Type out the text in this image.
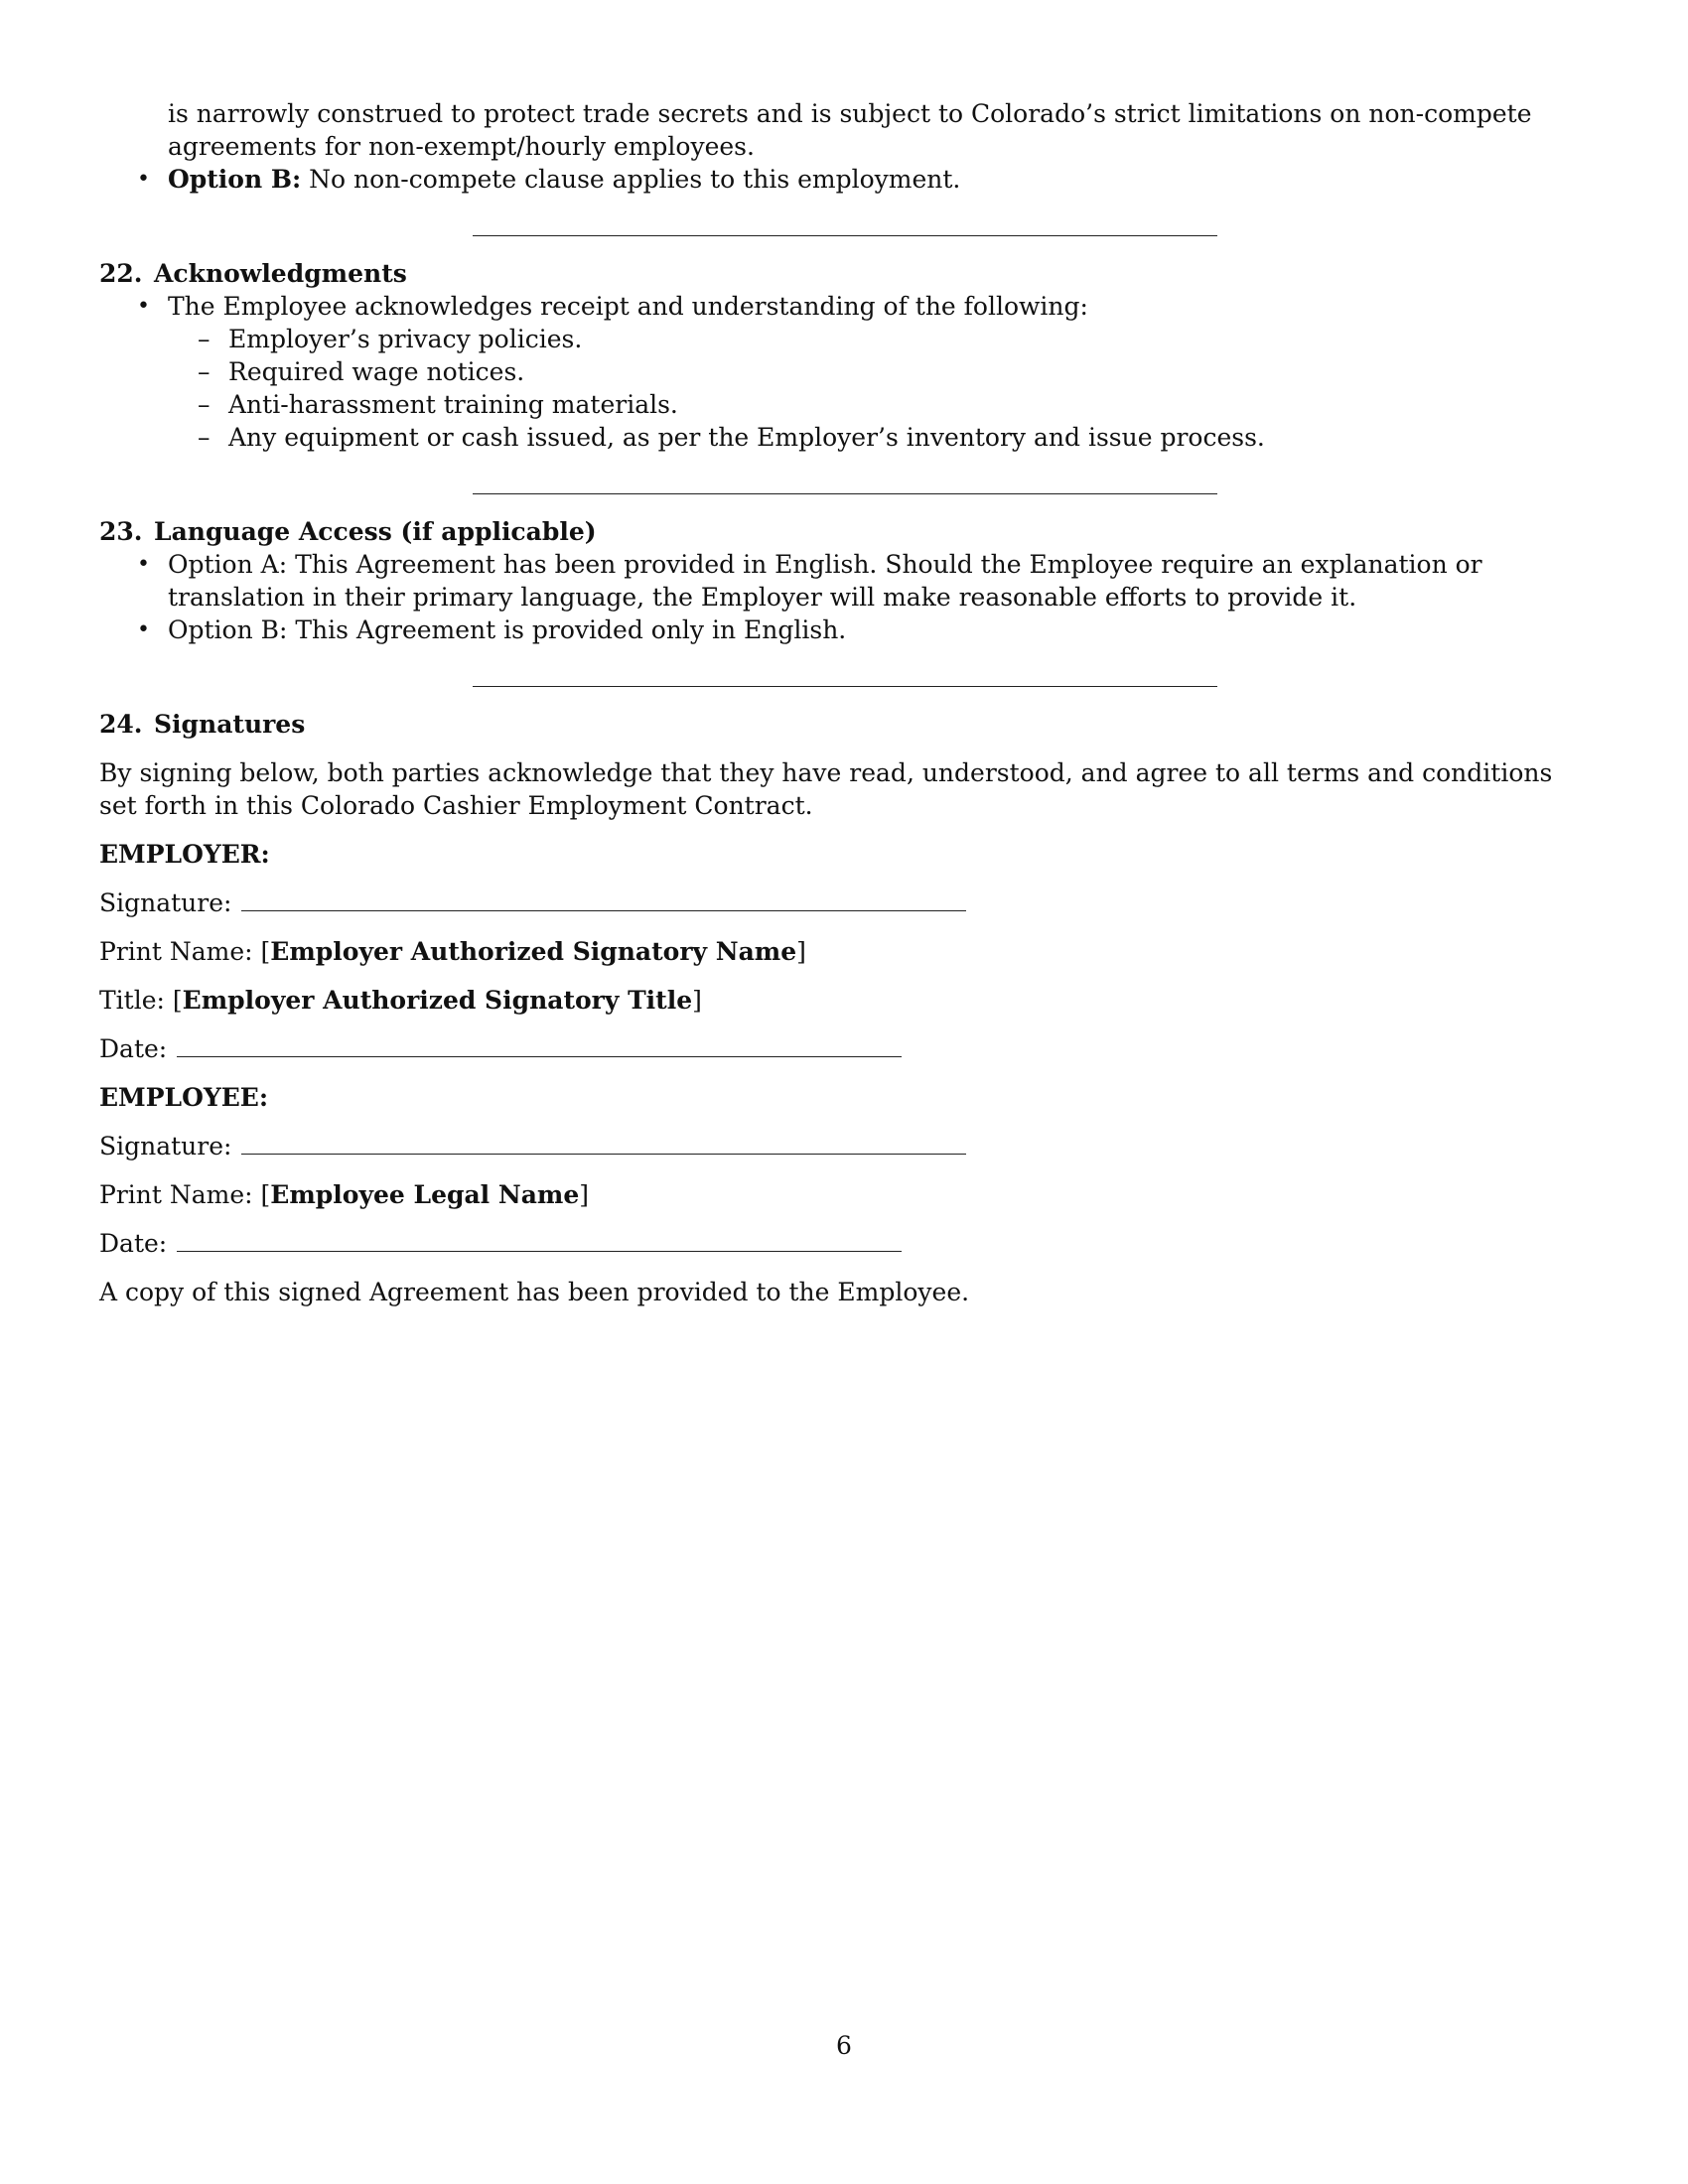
is narrowly construed to protect trade secrets and is subject to Colorado’s strict limitations on non-compete agreements for non-exempt/hourly employees.
• Option B: No non-compete clause applies to this employment.
22. Acknowledgments
• The Employee acknowledges receipt and understanding of the following:
– Employer’s privacy policies.
– Required wage notices.
– Anti-harassment training materials.
– Any equipment or cash issued, as per the Employer’s inventory and issue process.
23. Language Access (if applicable)
• Option A: This Agreement has been provided in English. Should the Employee require an explanation or translation in their primary language, the Employer will make reasonable efforts to provide it.
• Option B: This Agreement is provided only in English.
24. Signatures
By signing below, both parties acknowledge that they have read, understood, and agree to all terms and conditions set forth in this Colorado Cashier Employment Contract.
EMPLOYER:
Signature:
Print Name: [Employer Authorized Signatory Name]
Title: [Employer Authorized Signatory Title]
Date:
EMPLOYEE:
Signature:
Print Name: [Employee Legal Name]
Date:
A copy of this signed Agreement has been provided to the Employee.
6
